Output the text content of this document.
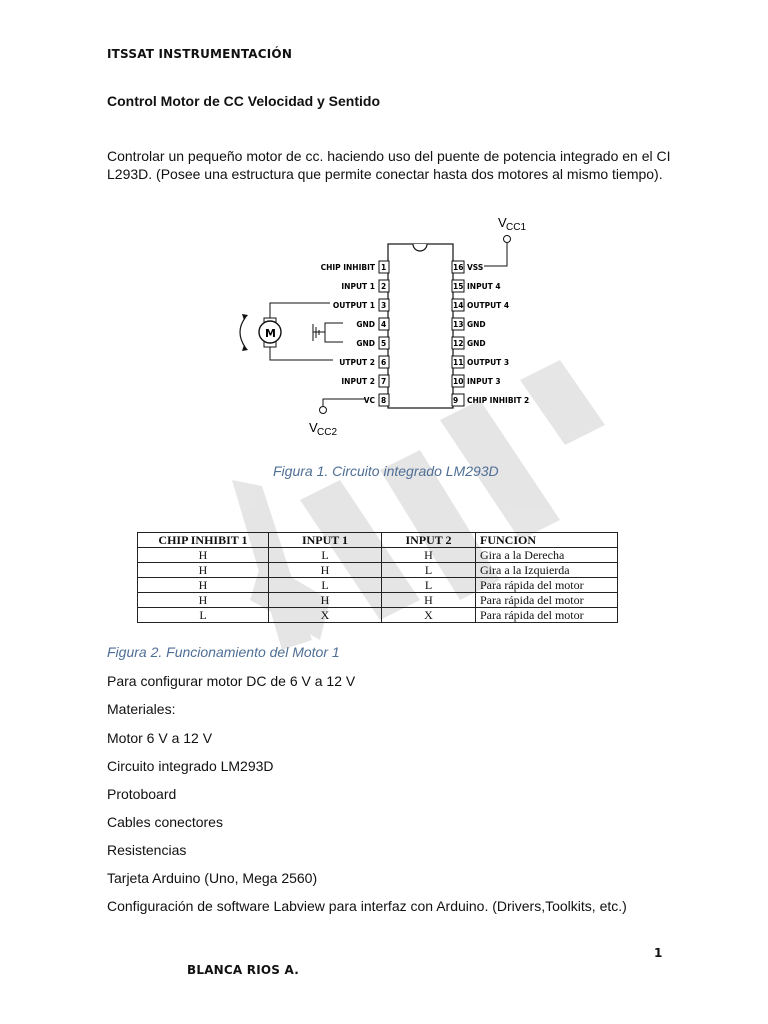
ITSSAT INSTRUMENTACIÓN
Control Motor de CC Velocidad y Sentido
Controlar un pequeño motor de cc. haciendo uso del puente de potencia integrado en el CI
L293D. (Posee una estructura que permite conectar hasta dos motores al mismo tiempo).
1
CHIP INHIBIT
2
INPUT 1
3
OUTPUT 1
4
GND
5
GND
6
UTPUT 2
7
INPUT 2
8
VC
16 VSS
15 INPUT 4
14 OUTPUT 4
13 GND
12 GND
11 OUTPUT 3
10 INPUT 3
9 CHIP INHIBIT 2
V CC1
V CC2
M
Figura 1. Circuito integrado LM293D
CHIP INHIBIT 1	INPUT 1	INPUT 2	FUNCION
H	L	H	Gira a la Derecha
H	H	L	Gira a la Izquierda
H	L	L	Para rápida del motor
H	H	H	Para rápida del motor
L	X	X	Para rápida del motor
Figura 2. Funcionamiento del Motor 1
Para configurar motor DC de 6 V a 12 V
Materiales:
Motor 6 V a 12 V
Circuito integrado LM293D
Protoboard
Cables conectores
Resistencias
Tarjeta Arduino (Uno, Mega 2560)
Configuración de software Labview para interfaz con Arduino. (Drivers,Toolkits, etc.)
1
BLANCA RIOS A.
